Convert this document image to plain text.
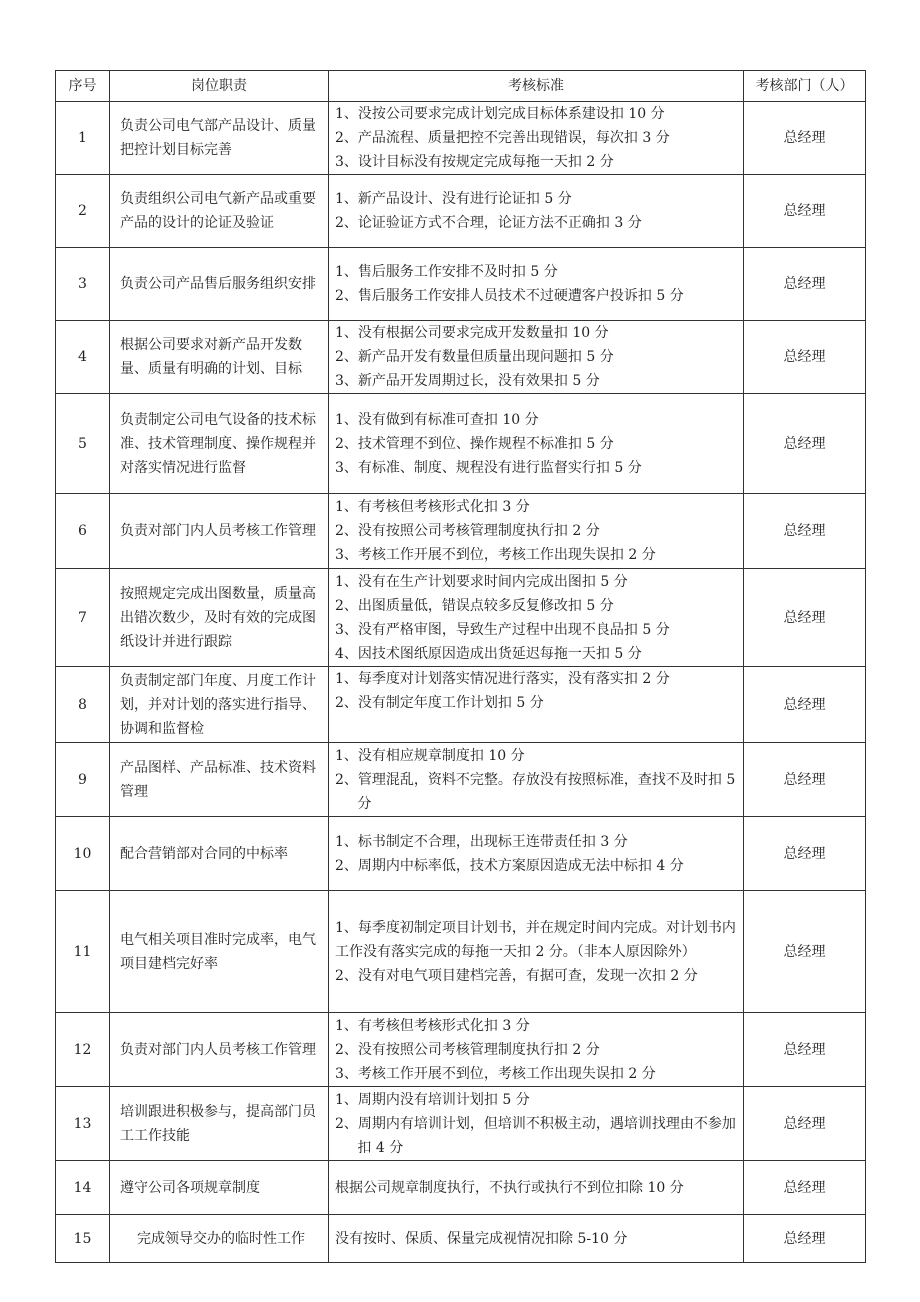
序号	岗位职责	考核标准	考核部门（人）
1	负责公司电气部产品设计、质量把控计划目标完善	1、没按公司要求完成计划完成目标体系建设扣 10 分
2、产品流程、质量把控不完善出现错误，每次扣 3 分
3、设计目标没有按规定完成每拖一天扣 2 分	总经理
2	负责组织公司电气新产品或重要产品的设计的论证及验证	1、新产品设计、没有进行论证扣 5 分
2、论证验证方式不合理，论证方法不正确扣 3 分	总经理
3	负责公司产品售后服务组织安排	1、售后服务工作安排不及时扣 5 分
2、售后服务工作安排人员技术不过硬遭客户投诉扣 5 分	总经理
4	根据公司要求对新产品开发数量、质量有明确的计划、目标	1、没有根据公司要求完成开发数量扣 10 分
2、新产品开发有数量但质量出现问题扣 5 分
3、新产品开发周期过长，没有效果扣 5 分	总经理
5	负责制定公司电气设备的技术标准、技术管理制度、操作规程并对落实情况进行监督	1、没有做到有标准可查扣 10 分
2、技术管理不到位、操作规程不标准扣 5 分
3、有标准、制度、规程没有进行监督实行扣 5 分	总经理
6	负责对部门内人员考核工作管理	1、有考核但考核形式化扣 3 分
2、没有按照公司考核管理制度执行扣 2 分
3、考核工作开展不到位，考核工作出现失误扣 2 分	总经理
7	按照规定完成出图数量，质量高出错次数少，及时有效的完成图纸设计并进行跟踪	1、没有在生产计划要求时间内完成出图扣 5 分
2、出图质量低，错误点较多反复修改扣 5 分
3、没有严格审图，导致生产过程中出现不良品扣 5 分
4、因技术图纸原因造成出货延迟每拖一天扣 5 分	总经理
8	负责制定部门年度、月度工作计划，并对计划的落实进行指导、协调和监督检	1、每季度对计划落实情况进行落实，没有落实扣 2 分
2、没有制定年度工作计划扣 5 分	总经理
9	产品图样、产品标准、技术资料管理	1、没有相应规章制度扣 10 分
2、管理混乱，资料不完整。存放没有按照标准，查找不及时扣 5 分	总经理
10	配合营销部对合同的中标率	1、标书制定不合理，出现标王连带责任扣 3 分
2、周期内中标率低，技术方案原因造成无法中标扣 4 分	总经理
11	电气相关项目准时完成率，电气项目建档完好率	1、每季度初制定项目计划书，并在规定时间内完成。对计划书内工作没有落实完成的每拖一天扣 2 分。（非本人原因除外）
2、没有对电气项目建档完善，有据可查，发现一次扣 2 分	总经理
12	负责对部门内人员考核工作管理	1、有考核但考核形式化扣 3 分
2、没有按照公司考核管理制度执行扣 2 分
3、考核工作开展不到位，考核工作出现失误扣 2 分	总经理
13	培训跟进积极参与，提高部门员工工作技能	1、周期内没有培训计划扣 5 分
2、周期内有培训计划，但培训不积极主动，遇培训找理由不参加扣 4 分	总经理
14	遵守公司各项规章制度	根据公司规章制度执行，不执行或执行不到位扣除 10 分	总经理
15	完成领导交办的临时性工作	没有按时、保质、保量完成视情况扣除 5-10 分	总经理
